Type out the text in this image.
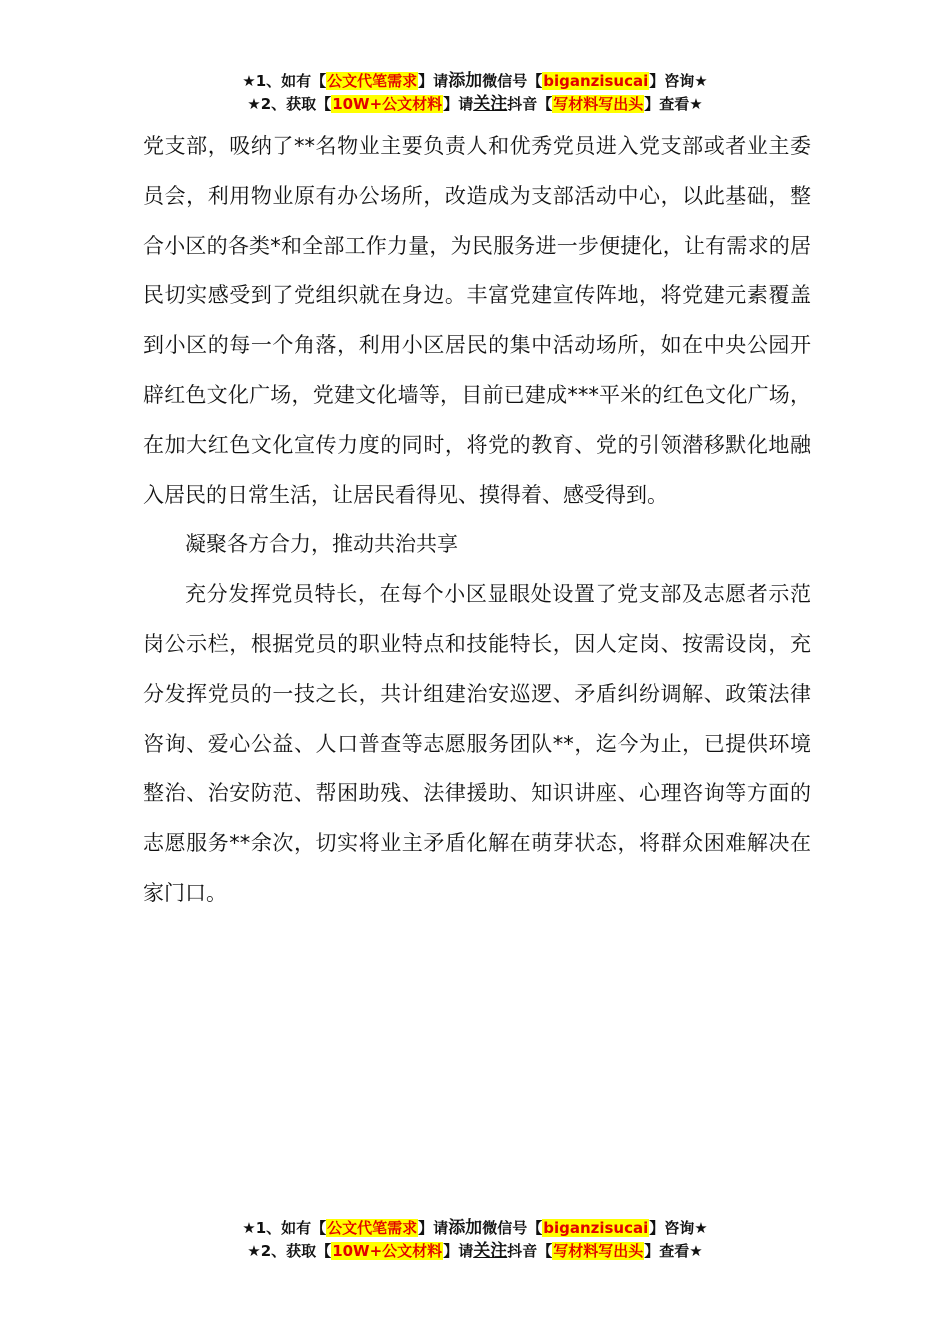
★1、如有【公文代笔需求】请添加微信号【biganzisucai】咨询★
★2、获取【10W+公文材料】请关注抖音【写材料写出头】查看★

党支部，吸纳了**名物业主要负责人和优秀党员进入党支部或者业主委员会，利用物业原有办公场所，改造成为支部活动中心，以此基础，整合小区的各类*和全部工作力量，为民服务进一步便捷化，让有需求的居民切实感受到了党组织就在身边。丰富党建宣传阵地，将党建元素覆盖到小区的每一个角落，利用小区居民的集中活动场所，如在中央公园开辟红色文化广场，党建文化墙等，目前已建成***平米的红色文化广场，在加大红色文化宣传力度的同时，将党的教育、党的引领潜移默化地融入居民的日常生活，让居民看得见、摸得着、感受得到。

凝聚各方合力，推动共治共享

充分发挥党员特长，在每个小区显眼处设置了党支部及志愿者示范岗公示栏，根据党员的职业特点和技能特长，因人定岗、按需设岗，充分发挥党员的一技之长，共计组建治安巡逻、矛盾纠纷调解、政策法律咨询、爱心公益、人口普查等志愿服务团队**，迄今为止，已提供环境整治、治安防范、帮困助残、法律援助、知识讲座、心理咨询等方面的志愿服务**余次，切实将业主矛盾化解在萌芽状态，将群众困难解决在家门口。

★1、如有【公文代笔需求】请添加微信号【biganzisucai】咨询★
★2、获取【10W+公文材料】请关注抖音【写材料写出头】查看★
